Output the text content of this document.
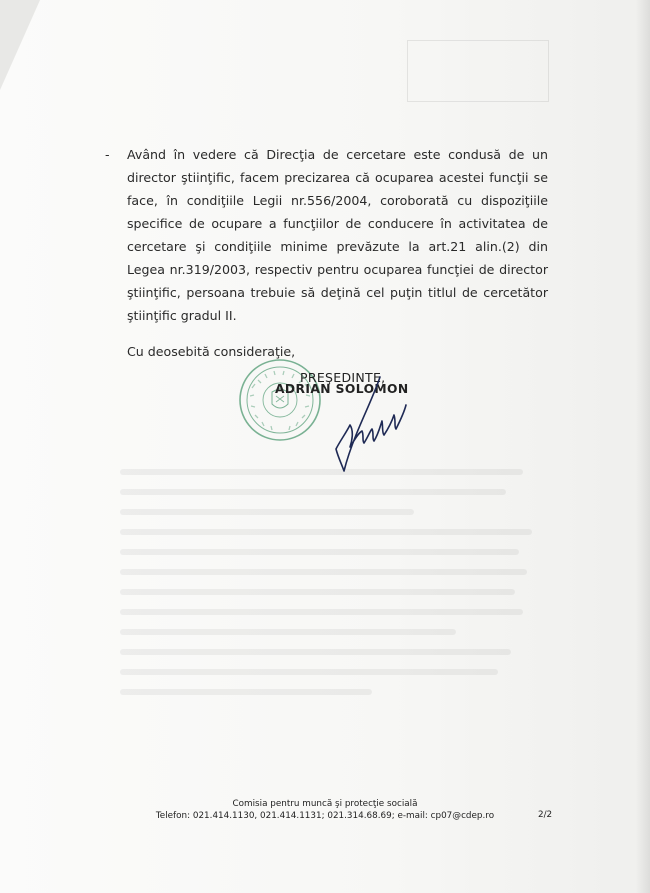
-	Având în vedere că Direcţia de cercetare este condusă de un director ştiinţific, facem precizarea că ocuparea acestei funcţii se face, în condiţiile Legii nr.556/2004, coroborată cu dispoziţiile specifice de ocupare a funcţiilor de conducere în activitatea de cercetare şi condiţiile minime prevăzute la art.21 alin.(2) din Legea nr.319/2003, respectiv pentru ocuparea funcţiei de director ştiinţific, persoana trebuie să deţină cel puţin titlul de cercetător ştiinţific gradul II.
Cu deosebită consideraţie,
PREŞEDINTE,
ADRIAN SOLOMON
Comisia pentru muncă şi protecţie socială
Telefon: 021.414.1130, 021.414.1131; 021.314.68.69; e-mail: cp07@cdep.ro	2/2
